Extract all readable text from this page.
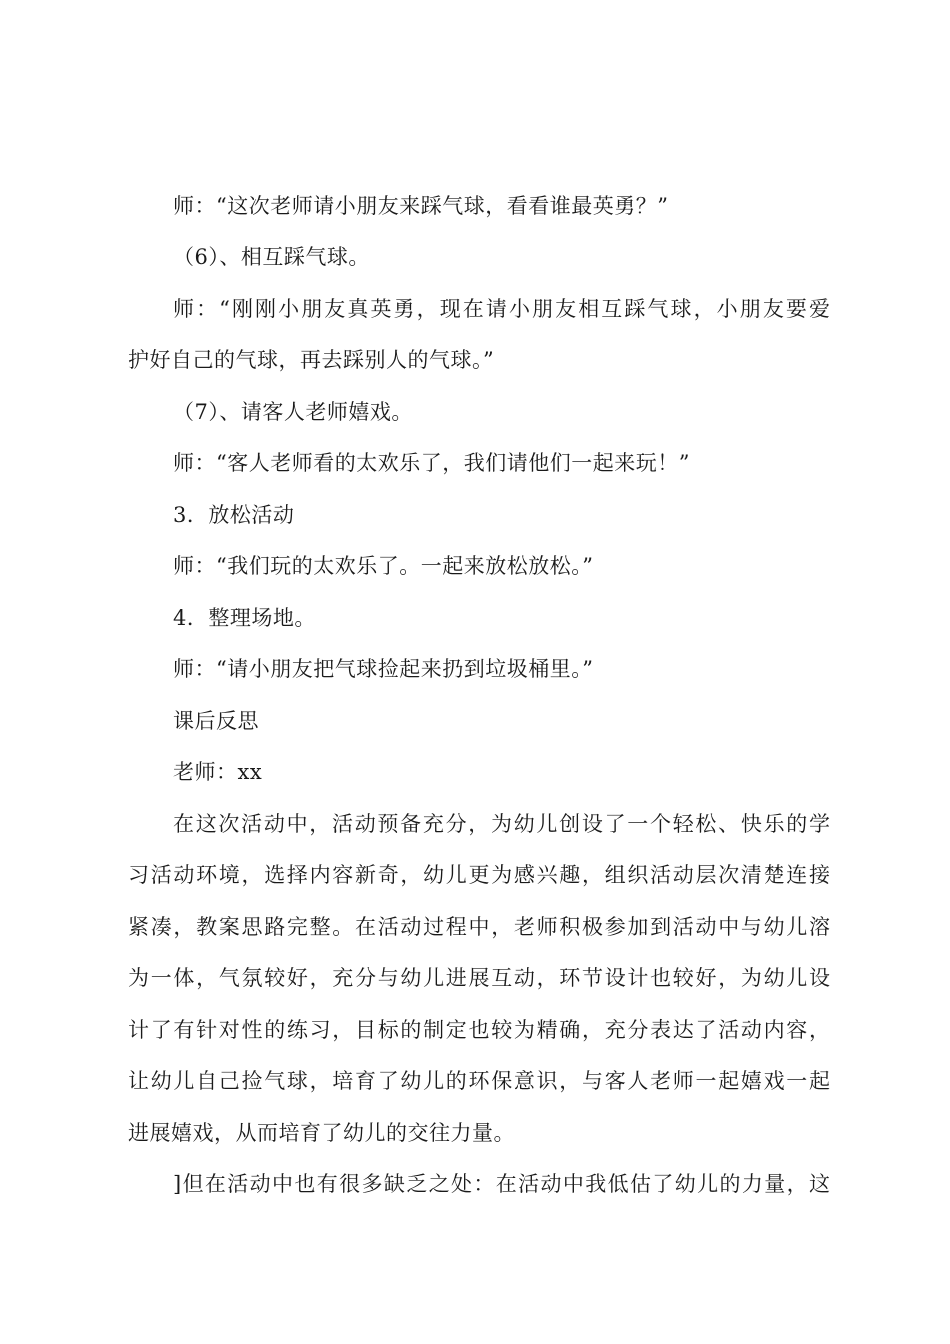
师：“这次老师请小朋友来踩气球，看看谁最英勇？”
（6）、相互踩气球。
师：“刚刚小朋友真英勇，现在请小朋友相互踩气球，小朋友要爱
护好自己的气球，再去踩别人的气球。”
（7）、请客人老师嬉戏。
师：“客人老师看的太欢乐了，我们请他们一起来玩！”
3．放松活动
师：“我们玩的太欢乐了。一起来放松放松。”
4．整理场地。
师：“请小朋友把气球捡起来扔到垃圾桶里。”
课后反思
老师：xx
在这次活动中，活动预备充分，为幼儿创设了一个轻松、快乐的学
习活动环境，选择内容新奇，幼儿更为感兴趣，组织活动层次清楚连接
紧凑，教案思路完整。在活动过程中，老师积极参加到活动中与幼儿溶
为一体，气氛较好，充分与幼儿进展互动，环节设计也较好，为幼儿设
计了有针对性的练习，目标的制定也较为精确，充分表达了活动内容，
让幼儿自己捡气球，培育了幼儿的环保意识，与客人老师一起嬉戏一起
进展嬉戏，从而培育了幼儿的交往力量。
]但在活动中也有很多缺乏之处：在活动中我低估了幼儿的力量，这
